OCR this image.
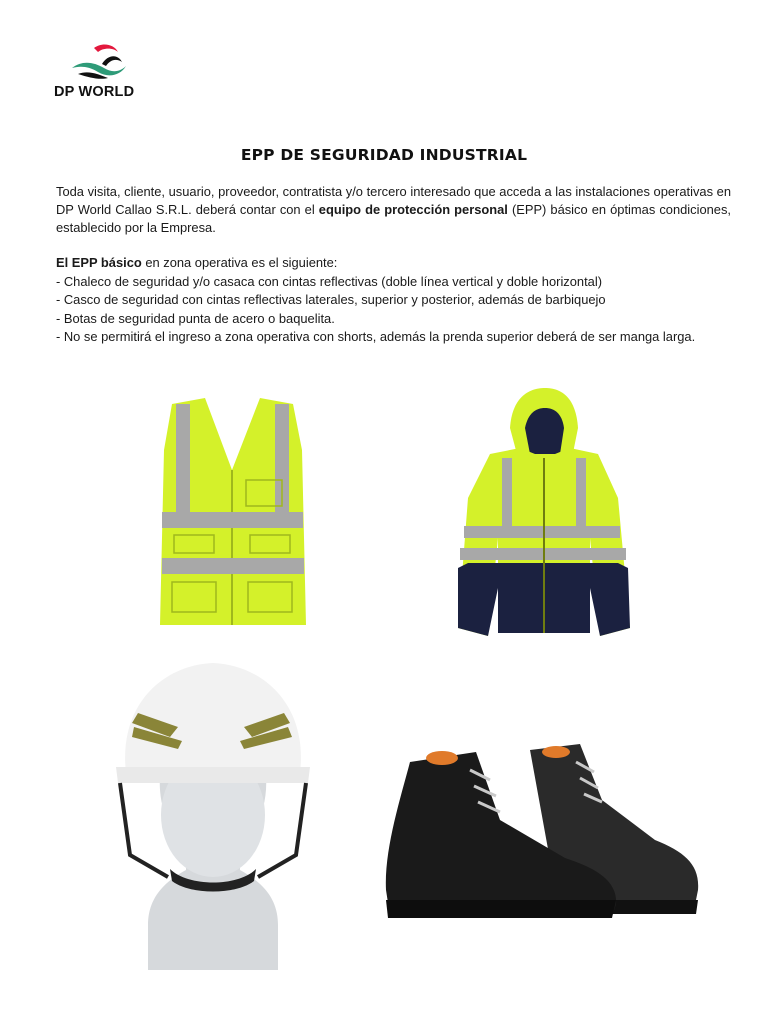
DP WORLD
EPP DE SEGURIDAD INDUSTRIAL
Toda visita, cliente, usuario, proveedor, contratista y/o tercero interesado que acceda a las instalaciones operativas en DP World Callao S.R.L. deberá contar con el equipo de protección personal (EPP) básico en óptimas condiciones, establecido por la Empresa.
El EPP básico en zona operativa es el siguiente:
- Chaleco de seguridad y/o casaca con cintas reflectivas (doble línea vertical y doble horizontal)
- Casco de seguridad con cintas reflectivas laterales, superior y posterior, además de barbiquejo
- Botas de seguridad punta de acero o baquelita.
- No se permitirá el ingreso a zona operativa con shorts, además la prenda superior deberá de ser manga larga.
